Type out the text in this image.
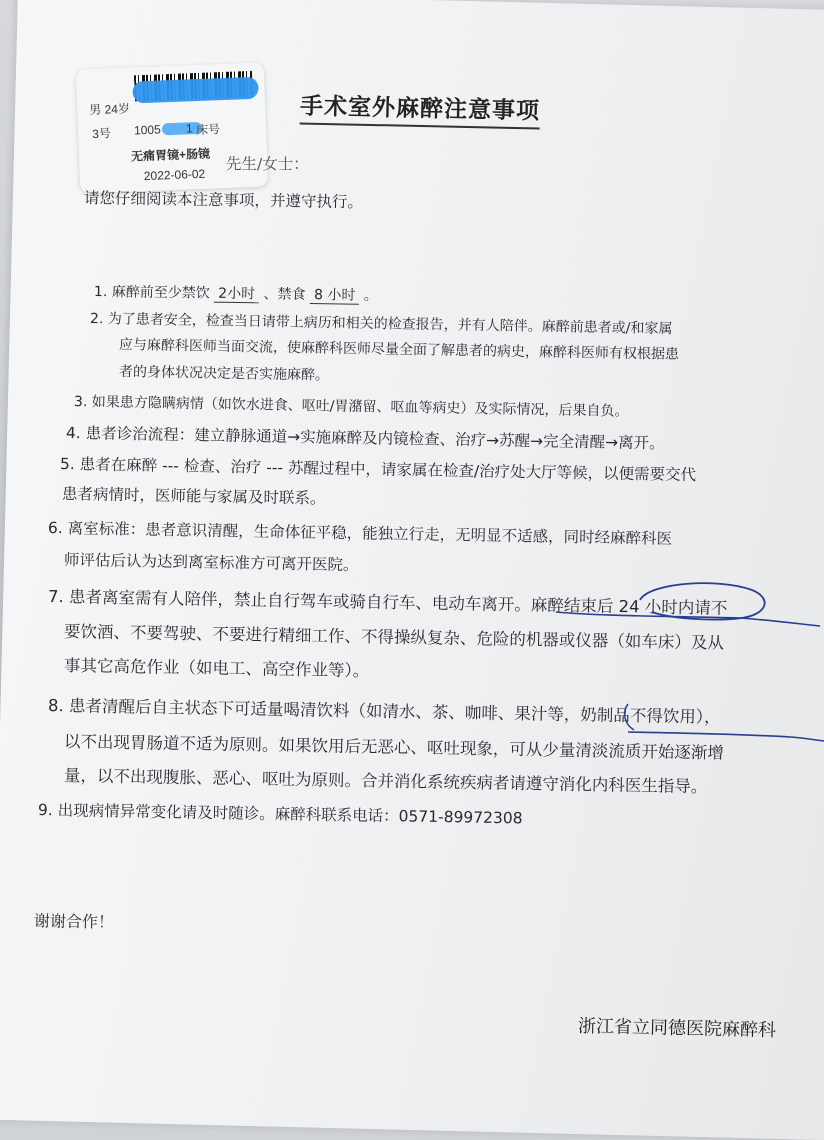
手术室外麻醉注意事项
男 24岁
3号 1005 1 床号
无痛胃镜+肠镜
2022-06-02
先生/女士：
请您仔细阅读本注意事项，并遵守执行。
1. 麻醉前至少禁饮 2小时 、禁食 8 小时 。
2. 为了患者安全，检查当日请带上病历和相关的检查报告，并有人陪伴。麻醉前患者或/和家属
应与麻醉科医师当面交流，使麻醉科医师尽量全面了解患者的病史，麻醉科医师有权根据患
者的身体状况决定是否实施麻醉。
3. 如果患方隐瞒病情（如饮水进食、呕吐/胃潴留、呕血等病史）及实际情况，后果自负。
4. 患者诊治流程：建立静脉通道→实施麻醉及内镜检查、治疗→苏醒→完全清醒→离开。
5. 患者在麻醉 --- 检查、治疗 --- 苏醒过程中，请家属在检查/治疗处大厅等候，以便需要交代
患者病情时，医师能与家属及时联系。
6. 离室标准：患者意识清醒，生命体征平稳，能独立行走，无明显不适感，同时经麻醉科医
师评估后认为达到离室标准方可离开医院。
7. 患者离室需有人陪伴，禁止自行驾车或骑自行车、电动车离开。麻醉结束后 24 小时内请不
要饮酒、不要驾驶、不要进行精细工作、不得操纵复杂、危险的机器或仪器（如车床）及从
事其它高危作业（如电工、高空作业等）。
8. 患者清醒后自主状态下可适量喝清饮料（如清水、茶、咖啡、果汁等，奶制品不得饮用），
以不出现胃肠道不适为原则。如果饮用后无恶心、呕吐现象，可从少量清淡流质开始逐渐增
量，以不出现腹胀、恶心、呕吐为原则。合并消化系统疾病者请遵守消化内科医生指导。
9. 出现病情异常变化请及时随诊。麻醉科联系电话：0571-89972308
谢谢合作！
浙江省立同德医院麻醉科
